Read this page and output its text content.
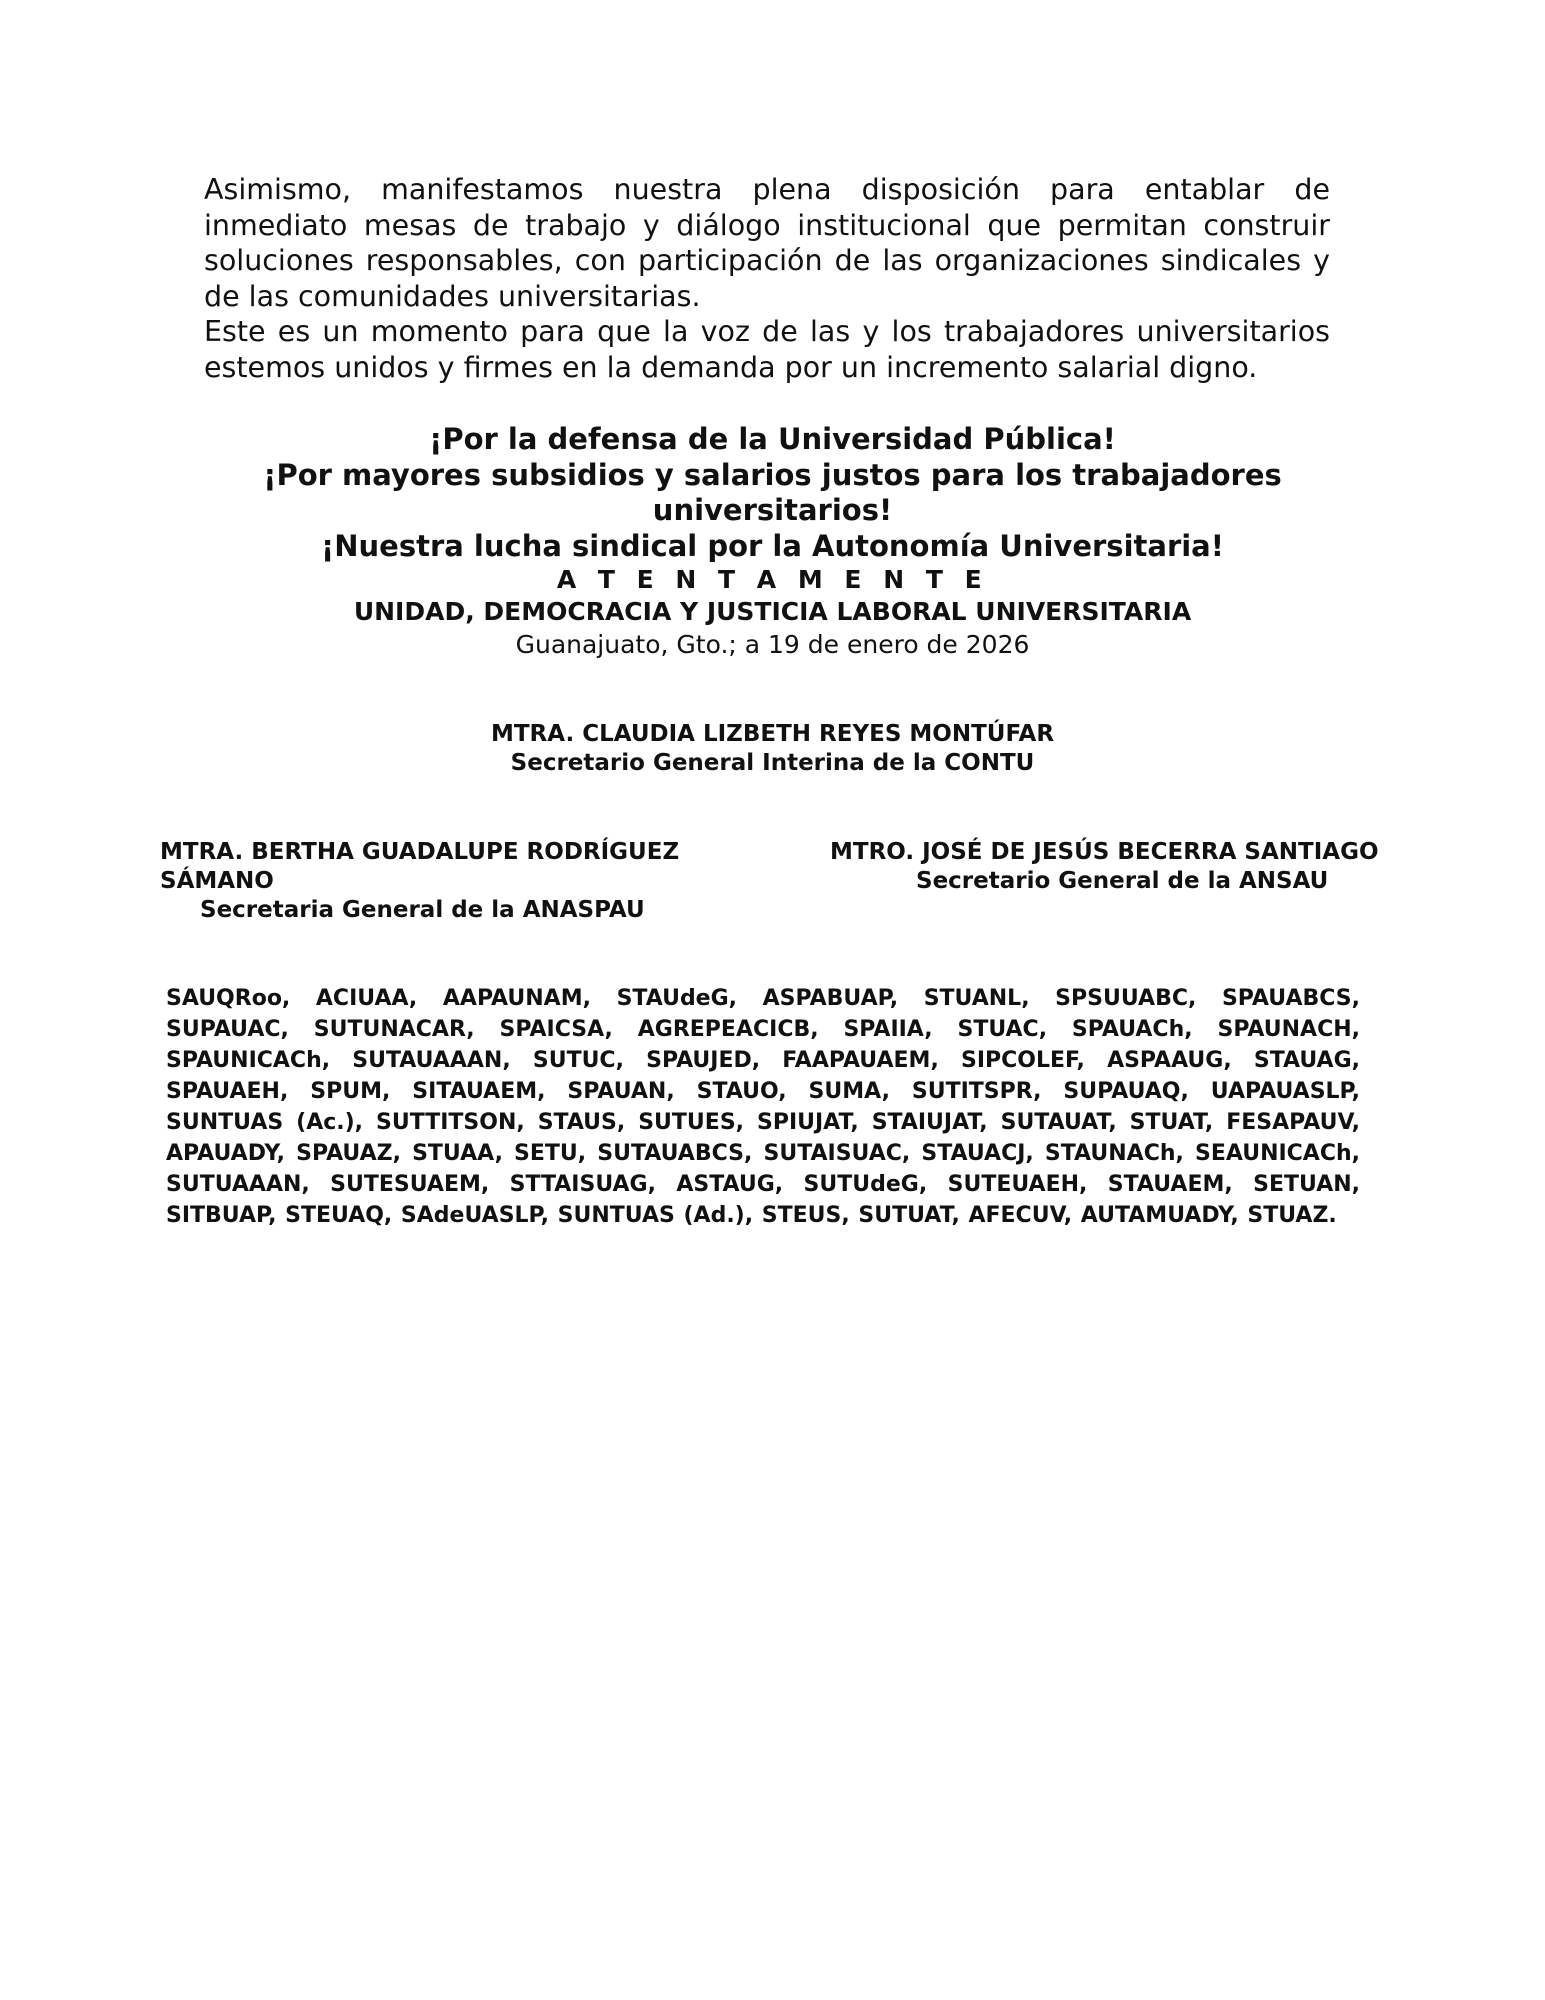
Asimismo, manifestamos nuestra plena disposición para entablar de inmediato mesas de trabajo y diálogo institucional que permitan construir soluciones responsables, con participación de las organizaciones sindicales y de las comunidades universitarias.

Este es un momento para que la voz de las y los trabajadores universitarios estemos unidos y firmes en la demanda por un incremento salarial digno.

¡Por la defensa de la Universidad Pública!
¡Por mayores subsidios y salarios justos para los trabajadores universitarios!
¡Nuestra lucha sindical por la Autonomía Universitaria!
A T E N T A M E N T E
UNIDAD, DEMOCRACIA Y JUSTICIA LABORAL UNIVERSITARIA
Guanajuato, Gto.; a 19 de enero de 2026
MTRA. CLAUDIA LIZBETH REYES MONTÚFAR
Secretario General Interina de la CONTU
MTRA. BERTHA GUADALUPE RODRÍGUEZ SÁMANO
Secretaria General de la ANASPAU
MTRO. JOSÉ DE JESÚS BECERRA SANTIAGO
Secretario General de la ANSAU
SAUQRoo, ACIUAA, AAPAUNAM, STAUdeG, ASPABUAP, STUANL, SPSUUABC, SPAUABCS, SUPAUAC, SUTUNACAR, SPAICSA, AGREPEACICB, SPAIIA, STUAC, SPAUACh, SPAUNACH, SPAUNICACh, SUTAUAAAN, SUTUC, SPAUJED, FAAPAUAEM, SIPCOLEF, ASPAAUG, STAUAG, SPAUAEH, SPUM, SITAUAEM, SPAUAN, STAUO, SUMA, SUTITSPR, SUPAUAQ, UAPAUASLP, SUNTUAS (Ac.), SUTTITSON, STAUS, SUTUES, SPIUJAT, STAIUJAT, SUTAUAT, STUAT, FESAPAUV, APAUADY, SPAUAZ, STUAA, SETU, SUTAUABCS, SUTAISUAC, STAUACJ, STAUNACh, SEAUNICACh, SUTUAAAN, SUTESUAEM, STTAISUAG, ASTAUG, SUTUdeG, SUTEUAEH, STAUAEM, SETUAN, SITBUAP, STEUAQ, SAdeUASLP, SUNTUAS (Ad.), STEUS, SUTUAT, AFECUV, AUTAMUADY, STUAZ.
